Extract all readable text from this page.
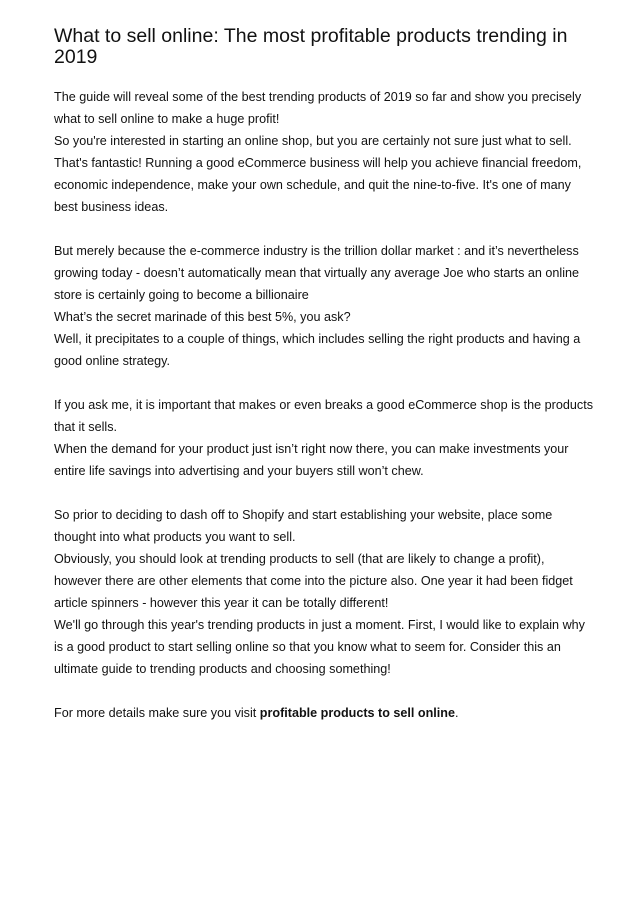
What to sell online: The most profitable products trending in 2019

The guide will reveal some of the best trending products of 2019 so far and show you precisely what to sell online to make a huge profit!
So you're interested in starting an online shop, but you are certainly not sure just what to sell. That's fantastic! Running a good eCommerce business will help you achieve financial freedom, economic independence, make your own schedule, and quit the nine-to-five. It's one of many best business ideas.

But merely because the e-commerce industry is the trillion dollar market : and it’s nevertheless growing today - doesn’t automatically mean that virtually any average Joe who starts an online store is certainly going to become a billionaire
What’s the secret marinade of this best 5%, you ask?
Well, it precipitates to a couple of things, which includes selling the right products and having a good online strategy.

If you ask me, it is important that makes or even breaks a good eCommerce shop is the products that it sells.
When the demand for your product just isn’t right now there, you can make investments your entire life savings into advertising and your buyers still won’t chew.

So prior to deciding to dash off to Shopify and start establishing your website, place some thought into what products you want to sell.
Obviously, you should look at trending products to sell (that are likely to change a profit), however there are other elements that come into the picture also. One year it had been fidget article spinners - however this year it can be totally different!
We'll go through this year's trending products in just a moment. First, I would like to explain why is a good product to start selling online so that you know what to seem for. Consider this an ultimate guide to trending products and choosing something!

For more details make sure you visit profitable products to sell online.
